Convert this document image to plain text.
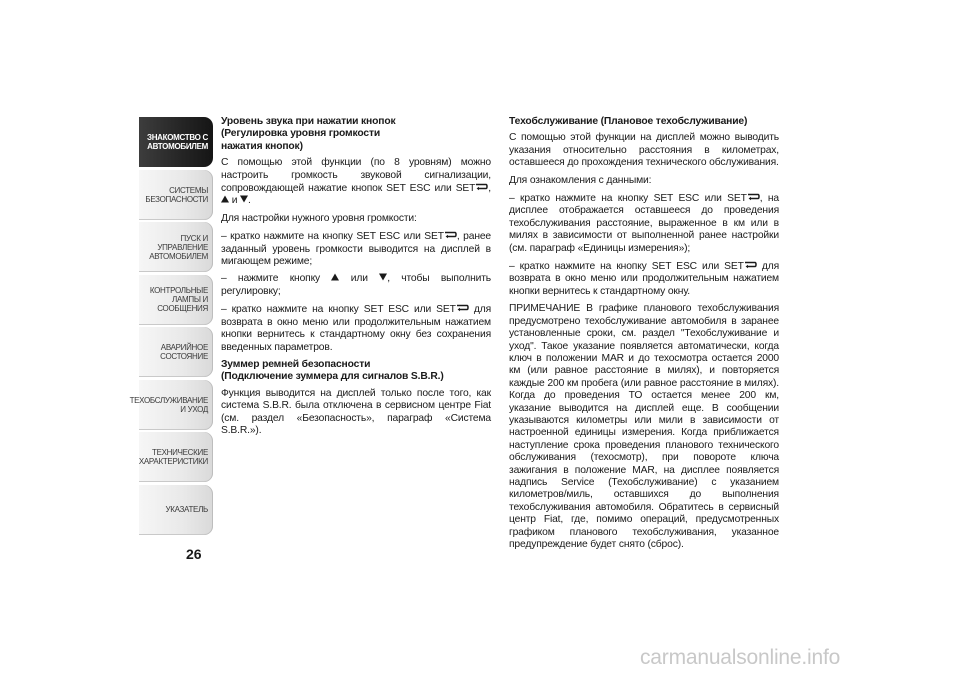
ЗНАКОМСТВО С
АВТОМОБИЛЕМ
СИСТЕМЫ
БЕЗОПАСНОСТИ
ПУСК И УПРАВЛЕНИЕ
АВТОМОБИЛЕМ
КОНТРОЛЬНЫЕ
ЛАМПЫ И
СООБЩЕНИЯ
АВАРИЙНОЕ
СОСТОЯНИЕ
ТЕХОБСЛУЖИВАНИЕ
И УХОД
ТЕХНИЧЕСКИЕ
ХАРАКТЕРИСТИКИ
УКАЗАТЕЛЬ
26
Уровень звука при нажатии кнопок
(Регулировка уровня громкости
нажатия кнопок)

С помощью этой функции (по 8 уровням) можно настроить громкость звуковой сигнализации, сопровождающей нажатие кнопок SET ESC или SET ,  и .

Для настройки нужного уровня громкости:

– кратко нажмите на кнопку SET ESC или SET , ранее заданный уровень громкости выводится на дисплей в мигающем режиме;

– нажмите кнопку	или , чтобы выполнить регулировку;

– кратко нажмите на кнопку SET ESC или SET для возврата в окно меню или продолжительным нажатием кнопки вернитесь к стандартному окну без сохранения введенных параметров.

Зуммер ремней безопасности
(Подключение зуммера для сигналов S.B.R.)

Функция выводится на дисплей только после того, как система S.B.R. была отключена в сервисном центре Fiat (см. раздел «Безопасность», параграф «Система S.B.R.»).

Техобслуживание (Плановое техобслуживание)

С помощью этой функции на дисплей можно выводить указания относительно расстояния в километрах, оставшееся до прохождения технического обслуживания.

Для ознакомления с данными:

– кратко нажмите на кнопку SET ESC или SET , на дисплее отображается оставшееся до проведения техобслуживания расстояние, выраженное в км или в милях в зависимости от выполненной ранее настройки (см. параграф «Единицы измерения»);

– кратко нажмите на кнопку SET ESC или SET для возврата в окно меню или продолжительным нажатием кнопки вернитесь к стандартному окну.

ПРИМЕЧАНИЕ В графике планового техобслуживания предусмотрено техобслуживание автомобиля в заранее установленные сроки, см. раздел "Техобслуживание и уход". Такое указание появляется автоматически, когда ключ в положении MAR и до техосмотра остается 2000 км (или равное расстояние в милях), и повторяется каждые 200 км пробега (или равное расстояние в милях). Когда до проведения ТО остается менее 200 км, указание выводится на дисплей еще. В сообщении указываются километры или мили в зависимости от настроенной единицы измерения. Когда приближается наступление срока проведения планового технического обслуживания (техосмотр), при повороте ключа зажигания в положение MAR, на дисплее появляется надпись Service (Техобслуживание) с указанием километров/миль, оставшихся до выполнения техобслуживания автомобиля. Обратитесь в сервисный центр Fiat, где, помимо операций, предусмотренных графиком планового техобслуживания, указанное предупреждение будет снято (сброс).

carmanualsonline.info
